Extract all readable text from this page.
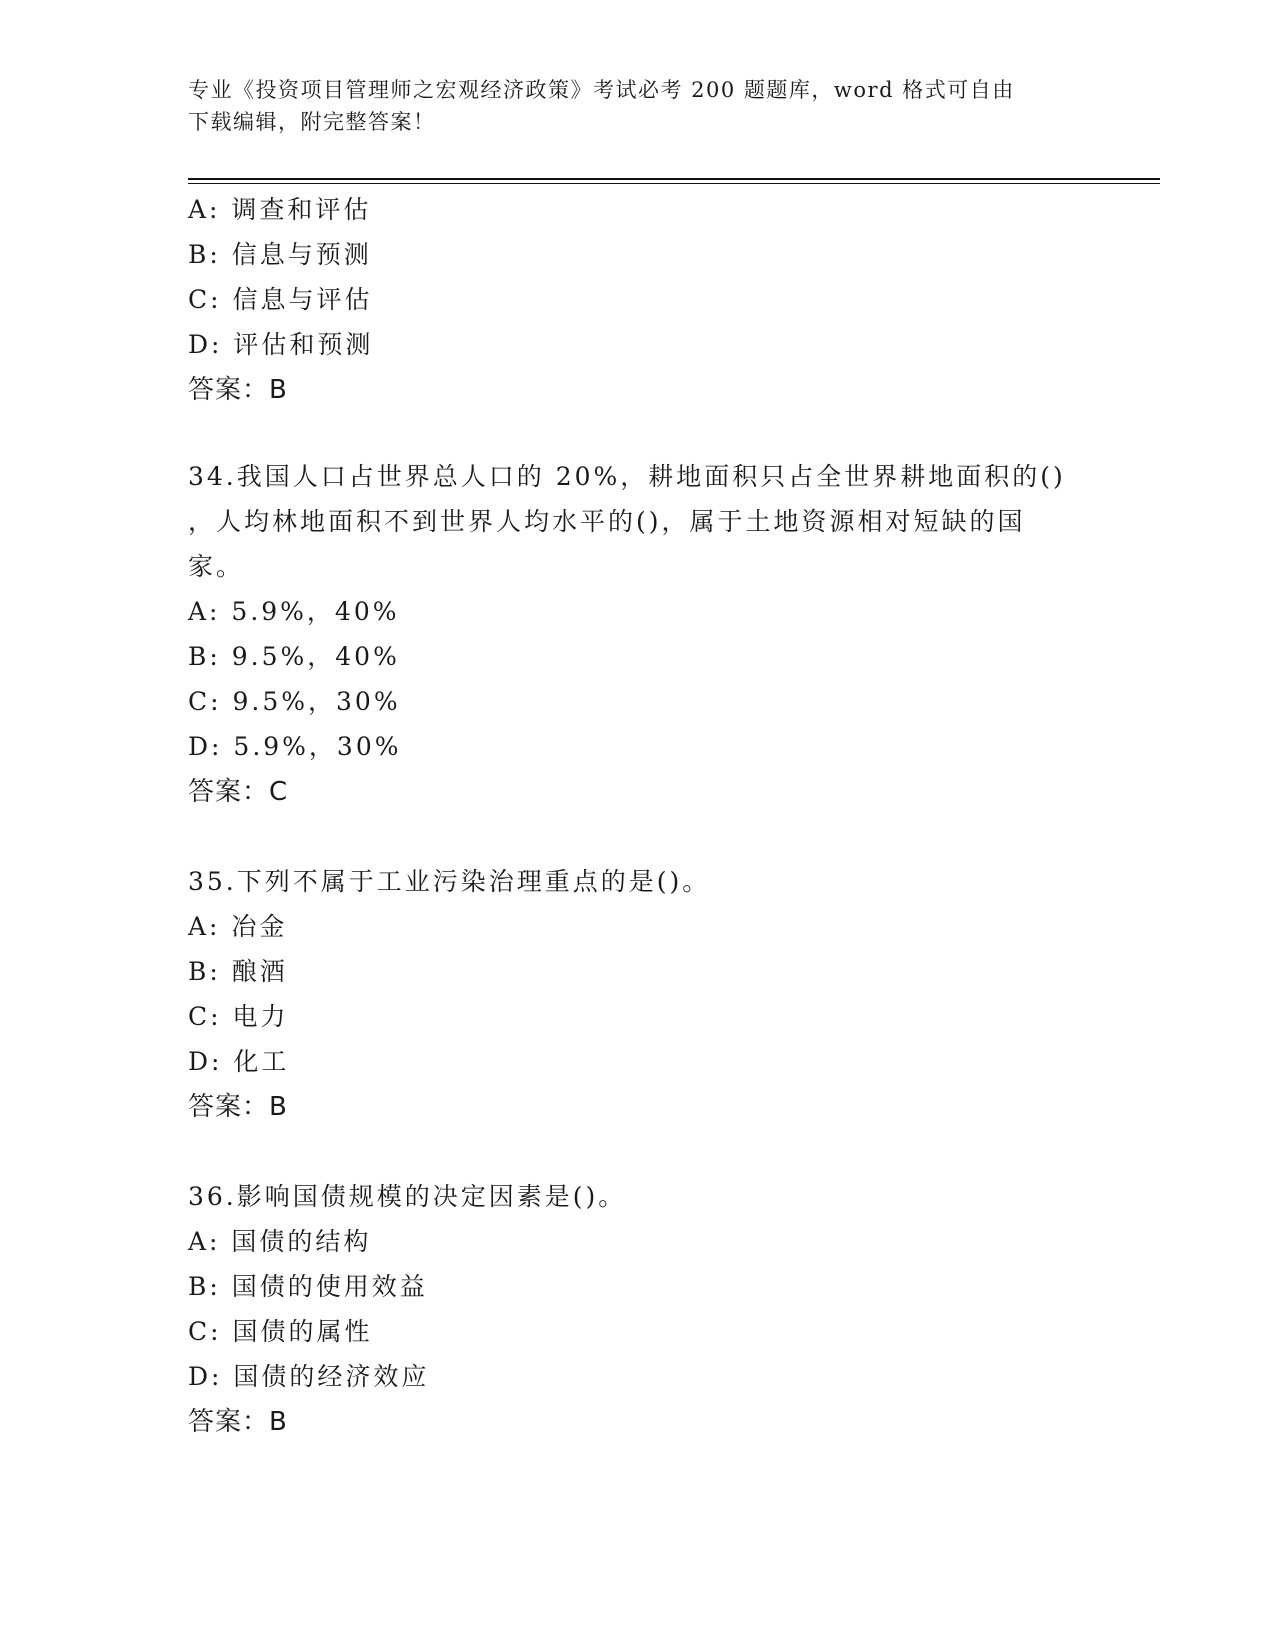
专业《投资项目管理师之宏观经济政策》考试必考 200 题题库，word 格式可自由
下载编辑，附完整答案！
A: 调查和评估
B: 信息与预测
C: 信息与评估
D: 评估和预测
答案：B
34.我国人口占世界总人口的 20%，耕地面积只占全世界耕地面积的()
，人均林地面积不到世界人均水平的()，属于土地资源相对短缺的国
家。
A: 5.9%，40%
B: 9.5%，40%
C: 9.5%，30%
D: 5.9%，30%
答案：C
35.下列不属于工业污染治理重点的是()。
A: 冶金
B: 酿酒
C: 电力
D: 化工
答案：B
36.影响国债规模的决定因素是()。
A: 国债的结构
B: 国债的使用效益
C: 国债的属性
D: 国债的经济效应
答案：B
